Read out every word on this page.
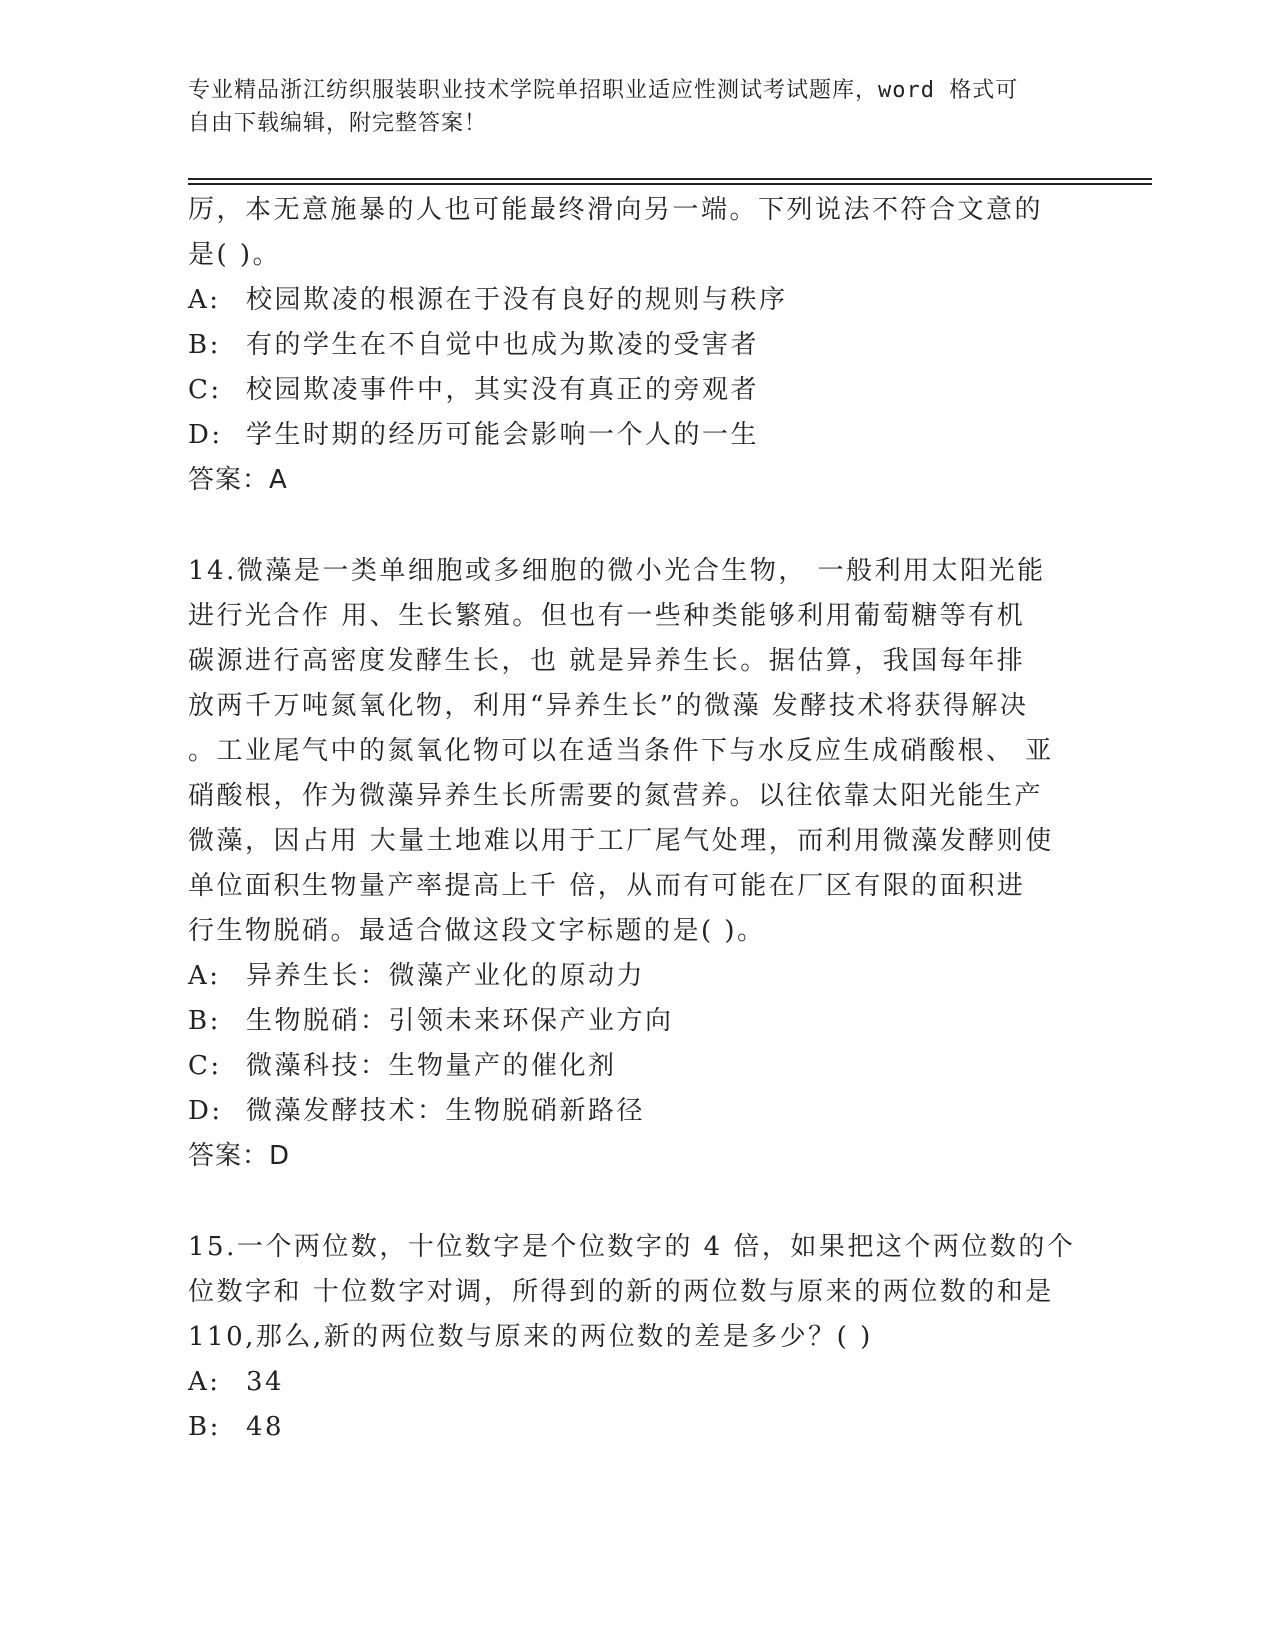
专业精品浙江纺织服装职业技术学院单招职业适应性测试考试题库，word 格式可
自由下载编辑，附完整答案！

厉，本无意施暴的人也可能最终滑向另一端。下列说法不符合文意的

是( )。

A: 校园欺凌的根源在于没有良好的规则与秩序

B: 有的学生在不自觉中也成为欺凌的受害者

C: 校园欺凌事件中，其实没有真正的旁观者

D: 学生时期的经历可能会影响一个人的一生

答案：A

14.微藻是一类单细胞或多细胞的微小光合生物， 一般利用太阳光能

进行光合作 用、生长繁殖。但也有一些种类能够利用葡萄糖等有机

碳源进行高密度发酵生长，也 就是异养生长。据估算，我国每年排

放两千万吨氮氧化物，利用“异养生长”的微藻 发酵技术将获得解决

。工业尾气中的氮氧化物可以在适当条件下与水反应生成硝酸根、 亚

硝酸根，作为微藻异养生长所需要的氮营养。以往依靠太阳光能生产

微藻，因占用 大量土地难以用于工厂尾气处理，而利用微藻发酵则使

单位面积生物量产率提高上千 倍，从而有可能在厂区有限的面积进

行生物脱硝。最适合做这段文字标题的是( )。

A: 异养生长：微藻产业化的原动力

B: 生物脱硝：引领未来环保产业方向

C: 微藻科技：生物量产的催化剂

D: 微藻发酵技术：生物脱硝新路径

答案：D

15.一个两位数，十位数字是个位数字的 4 倍，如果把这个两位数的个

位数字和 十位数字对调，所得到的新的两位数与原来的两位数的和是

110,那么,新的两位数与原来的两位数的差是多少？( )

A: 34

B: 48
